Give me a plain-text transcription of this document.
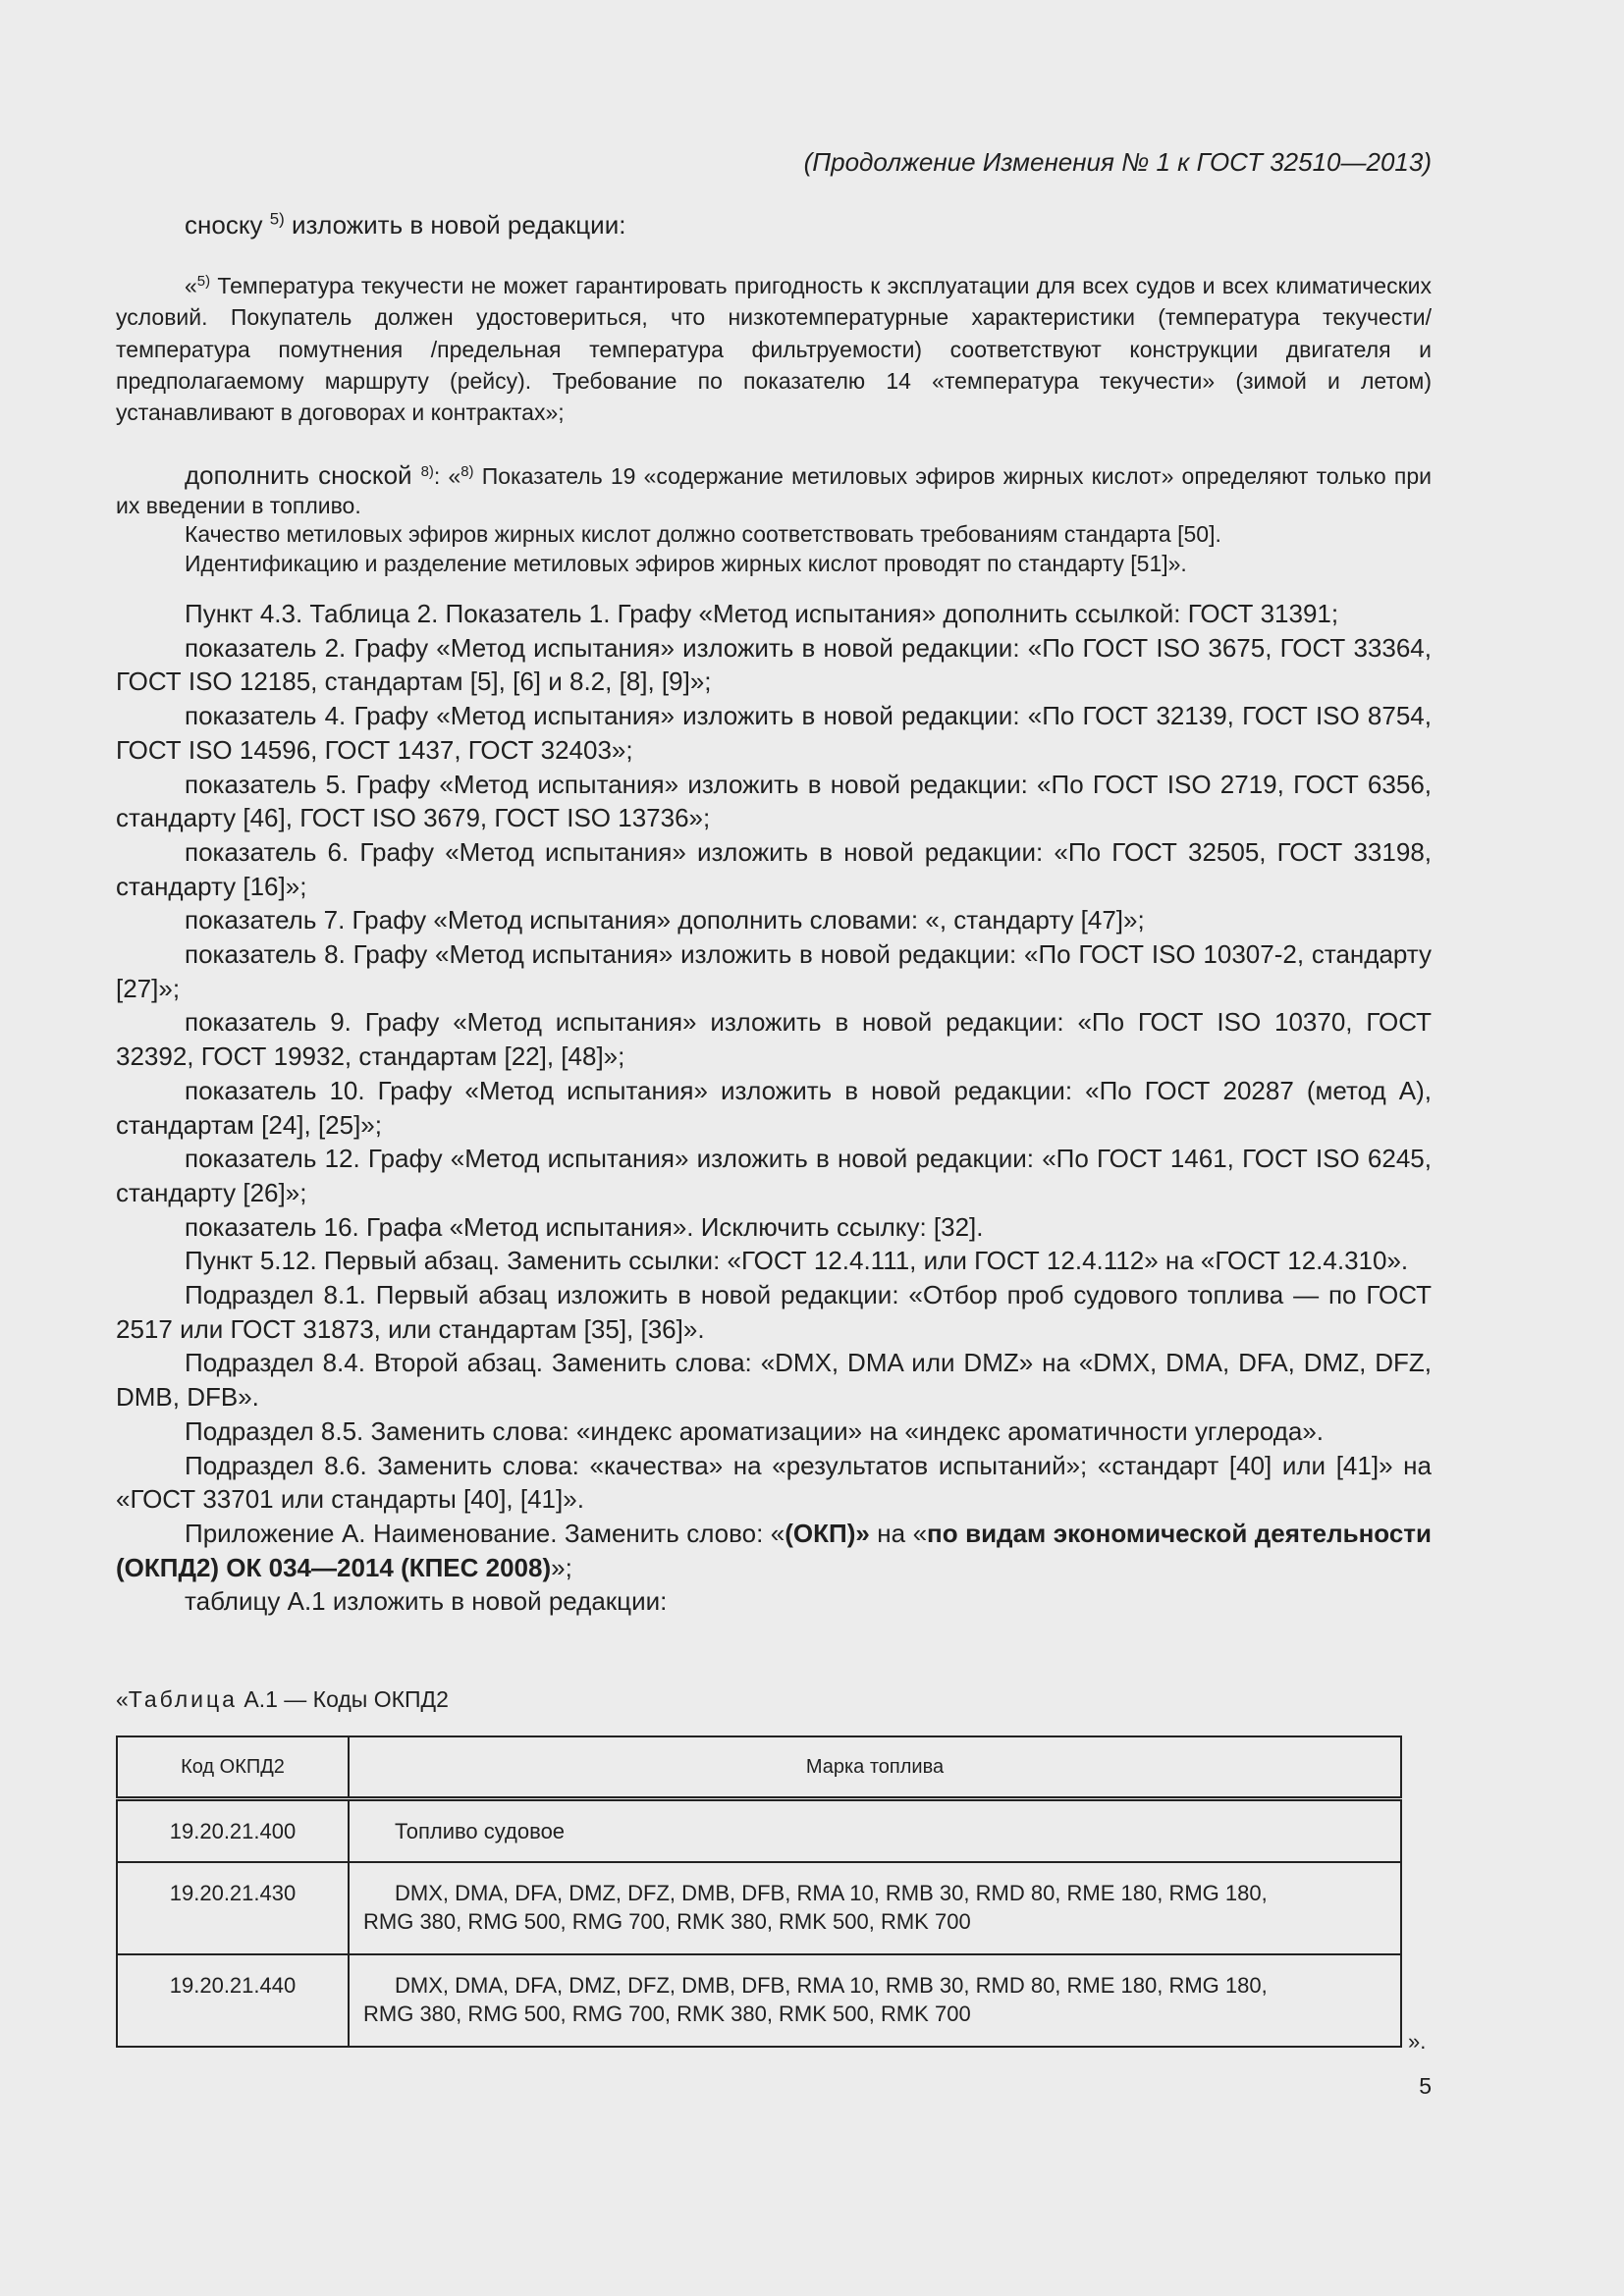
(Продолжение Изменения № 1 к ГОСТ 32510—2013)

сноску $^{5)}$ изложить в новой редакции:

«$^{5)}$ Температура текучести не может гарантировать пригодность к эксплуатации для всех судов и всех климатических условий. Покупатель должен удостовериться, что низкотемпературные характеристики (температура текучести/температура помутнения /предельная температура фильтруемости) соответствуют конструкции двигателя и предполагаемому маршруту (рейсу). Требование по показателю 14 «температура текучести» (зимой и летом) устанавливают в договорах и контрактах»;

дополнить сноской $^{8)}$: «$^{8)}$ Показатель 19 «содержание метиловых эфиров жирных кислот» определяют только при их введении в топливо.

Качество метиловых эфиров жирных кислот должно соответствовать требованиям стандарта [50].

Идентификацию и разделение метиловых эфиров жирных кислот проводят по стандарту [51]».

Пункт 4.3. Таблица 2. Показатель 1. Графу «Метод испытания» дополнить ссылкой: ГОСТ 31391;

показатель 2. Графу «Метод испытания» изложить в новой редакции: «По ГОСТ ISO 3675, ГОСТ 33364, ГОСТ ISO 12185, стандартам [5], [6] и 8.2, [8], [9]»;

показатель 4. Графу «Метод испытания» изложить в новой редакции: «По ГОСТ 32139, ГОСТ ISO 8754, ГОСТ ISO 14596, ГОСТ 1437, ГОСТ 32403»;

показатель 5. Графу «Метод испытания» изложить в новой редакции: «По ГОСТ ISO 2719, ГОСТ 6356, стандарту [46], ГОСТ ISO 3679, ГОСТ ISO 13736»;

показатель 6. Графу «Метод испытания» изложить в новой редакции: «По ГОСТ 32505, ГОСТ 33198, стандарту [16]»;

показатель 7. Графу «Метод испытания» дополнить словами: «, стандарту [47]»;

показатель 8. Графу «Метод испытания» изложить в новой редакции: «По ГОСТ ISO 10307-2, стандарту [27]»;

показатель 9. Графу «Метод испытания» изложить в новой редакции: «По ГОСТ ISO 10370, ГОСТ 32392, ГОСТ 19932, стандартам [22], [48]»;

показатель 10. Графу «Метод испытания» изложить в новой редакции: «По ГОСТ 20287 (метод А), стандартам [24], [25]»;

показатель 12. Графу «Метод испытания» изложить в новой редакции: «По ГОСТ 1461, ГОСТ ISO 6245, стандарту [26]»;

показатель 16. Графа «Метод испытания». Исключить ссылку: [32].

Пункт 5.12. Первый абзац. Заменить ссылки: «ГОСТ 12.4.111, или ГОСТ 12.4.112» на «ГОСТ 12.4.310».

Подраздел 8.1. Первый абзац изложить в новой редакции: «Отбор проб судового топлива — по ГОСТ 2517 или ГОСТ 31873, или стандартам [35], [36]».

Подраздел 8.4. Второй абзац. Заменить слова: «DMX, DMA или DMZ» на «DMX, DMA, DFA, DMZ, DFZ, DMB, DFB».

Подраздел 8.5. Заменить слова: «индекс ароматизации» на «индекс ароматичности углерода».

Подраздел 8.6. Заменить слова: «качества» на «результатов испытаний»; «стандарт [40] или [41]» на «ГОСТ 33701 или стандарты [40], [41]».

Приложение А. Наименование. Заменить слово: «(ОКП)» на «по видам экономической деятельности (ОКПД2) ОК 034—2014 (КПЕС 2008)»;

таблицу А.1 изложить в новой редакции:

«Таблица А.1 — Коды ОКПД2
Код ОКПД2	Марка топлива
19.20.21.400	Топливо судовое
19.20.21.430	DMX, DMA, DFA, DMZ, DFZ, DMB, DFB, RMA 10, RMB 30, RMD 80, RME 180, RMG 180,
RMG 380, RMG 500, RMG 700, RMK 380, RMK 500, RMK 700

19.20.21.440	DMX, DMA, DFA, DMZ, DFZ, DMB, DFB, RMA 10, RMB 30, RMD 80, RME 180, RMG 180,
RMG 380, RMG 500, RMG 700, RMK 380, RMK 500, RMK 700
».
5
